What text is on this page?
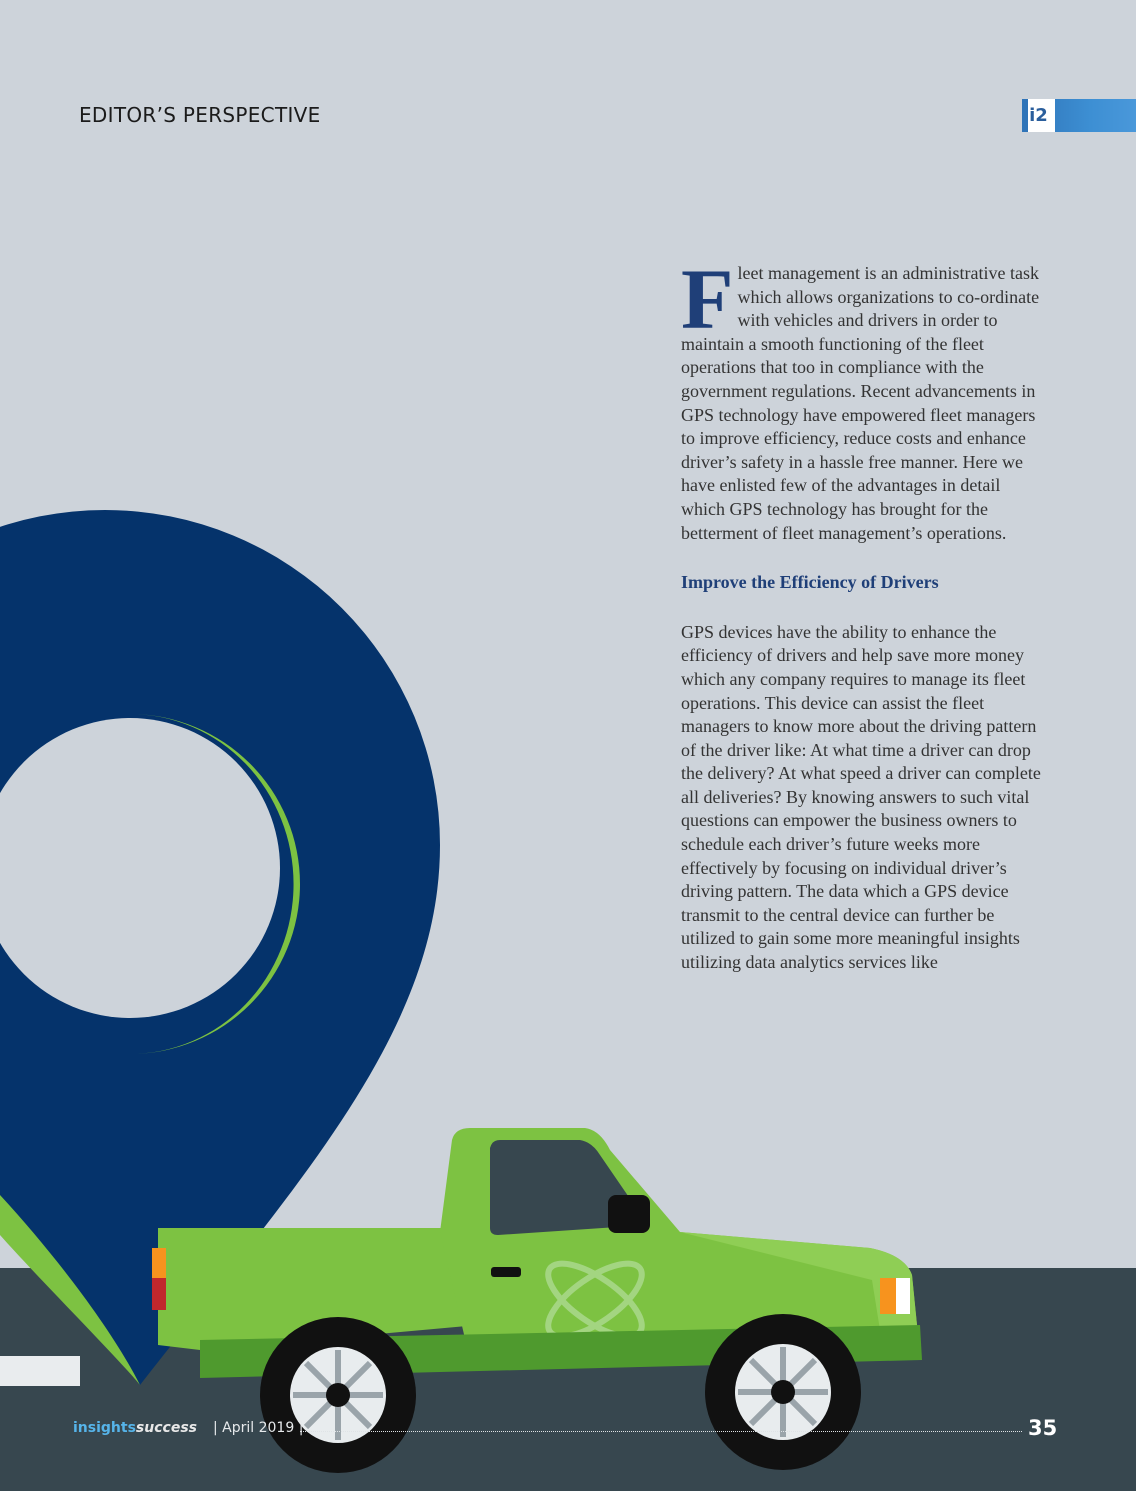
EDITOR’S PERSPECTIVE	i2

Fleet management is an administrative task which allows organizations to co-ordinate with vehicles and drivers in order to maintain a smooth functioning of the fleet operations that too in compliance with the government regulations. Recent advancements in GPS technology have empowered fleet managers to improve efficiency, reduce costs and enhance driver’s safety in a hassle free manner. Here we have enlisted few of the advantages in detail which GPS technology has brought for the betterment of fleet management’s operations.

Improve the Efficiency of Drivers

GPS devices have the ability to enhance the efficiency of drivers and help save more money which any company requires to manage its fleet operations. This device can assist the fleet managers to know more about the driving pattern of the driver like: At what time a driver can drop the delivery? At what speed a driver can complete all deliveries? By knowing answers to such vital questions can empower the business owners to schedule each driver’s future weeks more effectively by focusing on individual driver’s driving pattern. The data which a GPS device transmit to the central device can further be utilized to gain some more meaningful insights utilizing data analytics services like

insightssuccess | April 2019 |	35
